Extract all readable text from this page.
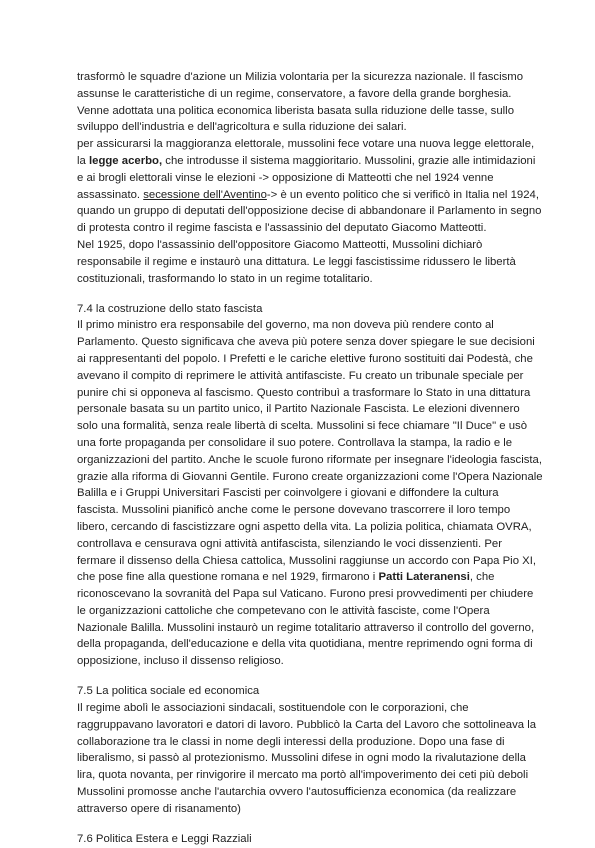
trasformò le squadre d'azione un Milizia volontaria per la sicurezza nazionale. Il fascismo
assunse le caratteristiche di un regime, conservatore, a favore della grande borghesia.
Venne adottata una politica economica liberista basata sulla riduzione delle tasse, sullo
sviluppo dell'industria e dell'agricoltura e sulla riduzione dei salari.
per assicurarsi la maggioranza elettorale, mussolini fece votare una nuova legge elettorale,
la legge acerbo, che introdusse il sistema maggioritario. Mussolini, grazie alle intimidazioni
e ai brogli elettorali vinse le elezioni -> opposizione di Matteotti che nel 1924 venne
assassinato. secessione dell'Aventino-> è un evento politico che si verificò in Italia nel 1924,
quando un gruppo di deputati dell'opposizione decise di abbandonare il Parlamento in segno
di protesta contro il regime fascista e l'assassinio del deputato Giacomo Matteotti.
Nel 1925, dopo l'assassinio dell'oppositore Giacomo Matteotti, Mussolini dichiarò
responsabile il regime e instaurò una dittatura. Le leggi fascistissime ridussero le libertà
costituzionali, trasformando lo stato in un regime totalitario.
7.4 la costruzione dello stato fascista
Il primo ministro era responsabile del governo, ma non doveva più rendere conto al
Parlamento. Questo significava che aveva più potere senza dover spiegare le sue decisioni
ai rappresentanti del popolo. I Prefetti e le cariche elettive furono sostituiti dai Podestà, che
avevano il compito di reprimere le attività antifasciste. Fu creato un tribunale speciale per
punire chi si opponeva al fascismo. Questo contribuì a trasformare lo Stato in una dittatura
personale basata su un partito unico, il Partito Nazionale Fascista. Le elezioni divennero
solo una formalità, senza reale libertà di scelta. Mussolini si fece chiamare "Il Duce" e usò
una forte propaganda per consolidare il suo potere. Controllava la stampa, la radio e le
organizzazioni del partito. Anche le scuole furono riformate per insegnare l'ideologia fascista,
grazie alla riforma di Giovanni Gentile. Furono create organizzazioni come l'Opera Nazionale
Balilla e i Gruppi Universitari Fascisti per coinvolgere i giovani e diffondere la cultura
fascista. Mussolini pianificò anche come le persone dovevano trascorrere il loro tempo
libero, cercando di fascistizzare ogni aspetto della vita. La polizia politica, chiamata OVRA,
controllava e censurava ogni attività antifascista, silenziando le voci dissenzienti. Per
fermare il dissenso della Chiesa cattolica, Mussolini raggiunse un accordo con Papa Pio XI,
che pose fine alla questione romana e nel 1929, firmarono i Patti Lateranensi, che
riconoscevano la sovranità del Papa sul Vaticano. Furono presi provvedimenti per chiudere
le organizzazioni cattoliche che competevano con le attività fasciste, come l'Opera
Nazionale Balilla. Mussolini instaurò un regime totalitario attraverso il controllo del governo,
della propaganda, dell'educazione e della vita quotidiana, mentre reprimendo ogni forma di
opposizione, incluso il dissenso religioso.
7.5 La politica sociale ed economica
Il regime abolì le associazioni sindacali, sostituendole con le corporazioni, che
raggruppavano lavoratori e datori di lavoro. Pubblicò la Carta del Lavoro che sottolineava la
collaborazione tra le classi in nome degli interessi della produzione. Dopo una fase di
liberalismo, si passò al protezionismo. Mussolini difese in ogni modo la rivalutazione della
lira, quota novanta, per rinvigorire il mercato ma portò all'impoverimento dei ceti più deboli
Mussolini promosse anche l'autarchia ovvero l'autosufficienza economica (da realizzare
attraverso opere di risanamento)
7.6 Politica Estera e Leggi Razziali
